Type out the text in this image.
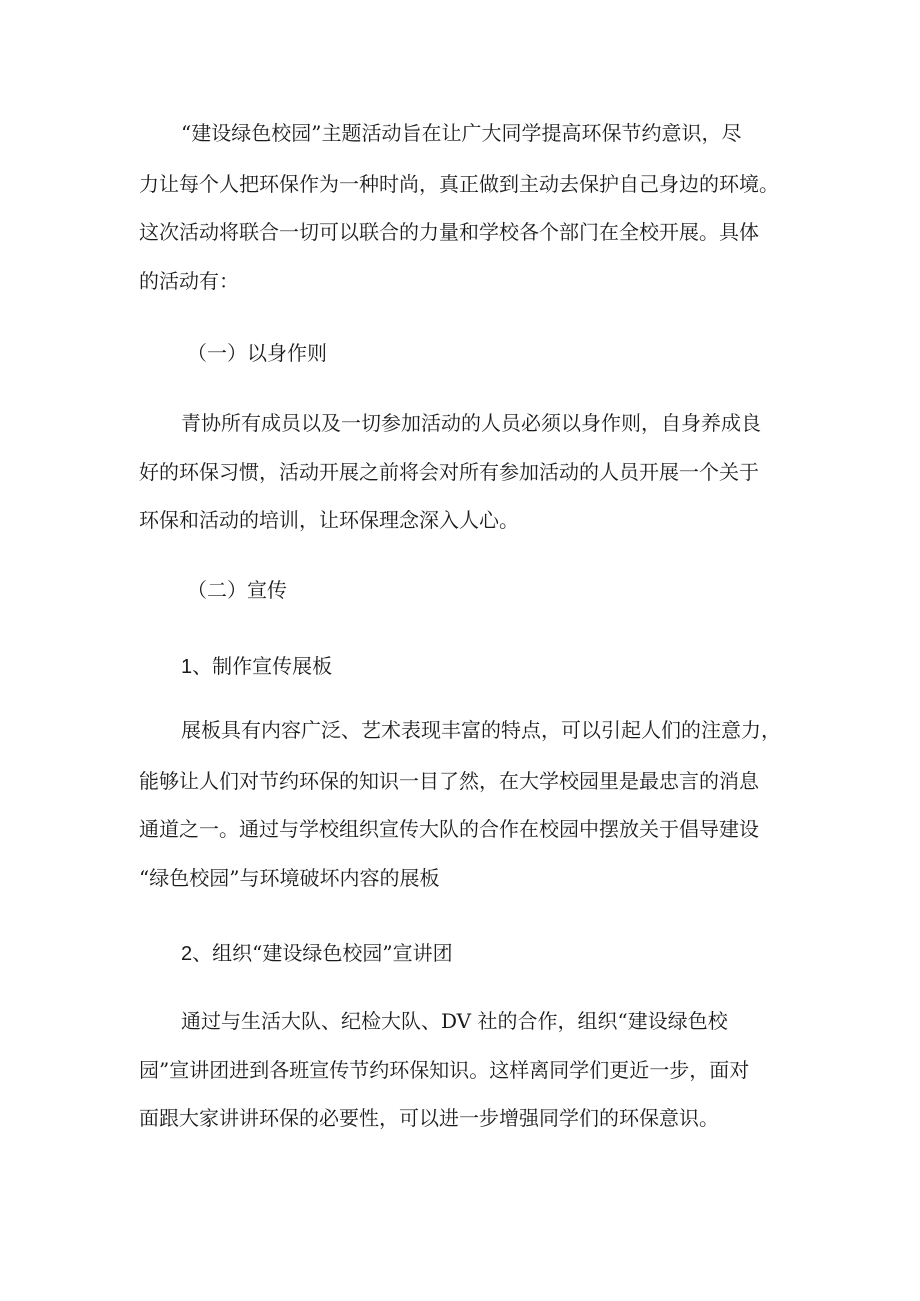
“建设绿色校园”主题活动旨在让广大同学提高环保节约意识，尽
力让每个人把环保作为一种时尚，真正做到主动去保护自己身边的环境。
这次活动将联合一切可以联合的力量和学校各个部门在全校开展。具体
的活动有：
（一）以身作则
青协所有成员以及一切参加活动的人员必须以身作则，自身养成良
好的环保习惯，活动开展之前将会对所有参加活动的人员开展一个关于
环保和活动的培训，让环保理念深入人心。
（二）宣传
1、制作宣传展板
展板具有内容广泛、艺术表现丰富的特点，可以引起人们的注意力，
能够让人们对节约环保的知识一目了然，在大学校园里是最忠言的消息
通道之一。通过与学校组织宣传大队的合作在校园中摆放关于倡导建设
“绿色校园”与环境破坏内容的展板
2、组织“建设绿色校园”宣讲团
通过与生活大队、纪检大队、DV 社的合作，组织“建设绿色校
园”宣讲团进到各班宣传节约环保知识。这样离同学们更近一步，面对
面跟大家讲讲环保的必要性，可以进一步增强同学们的环保意识。
